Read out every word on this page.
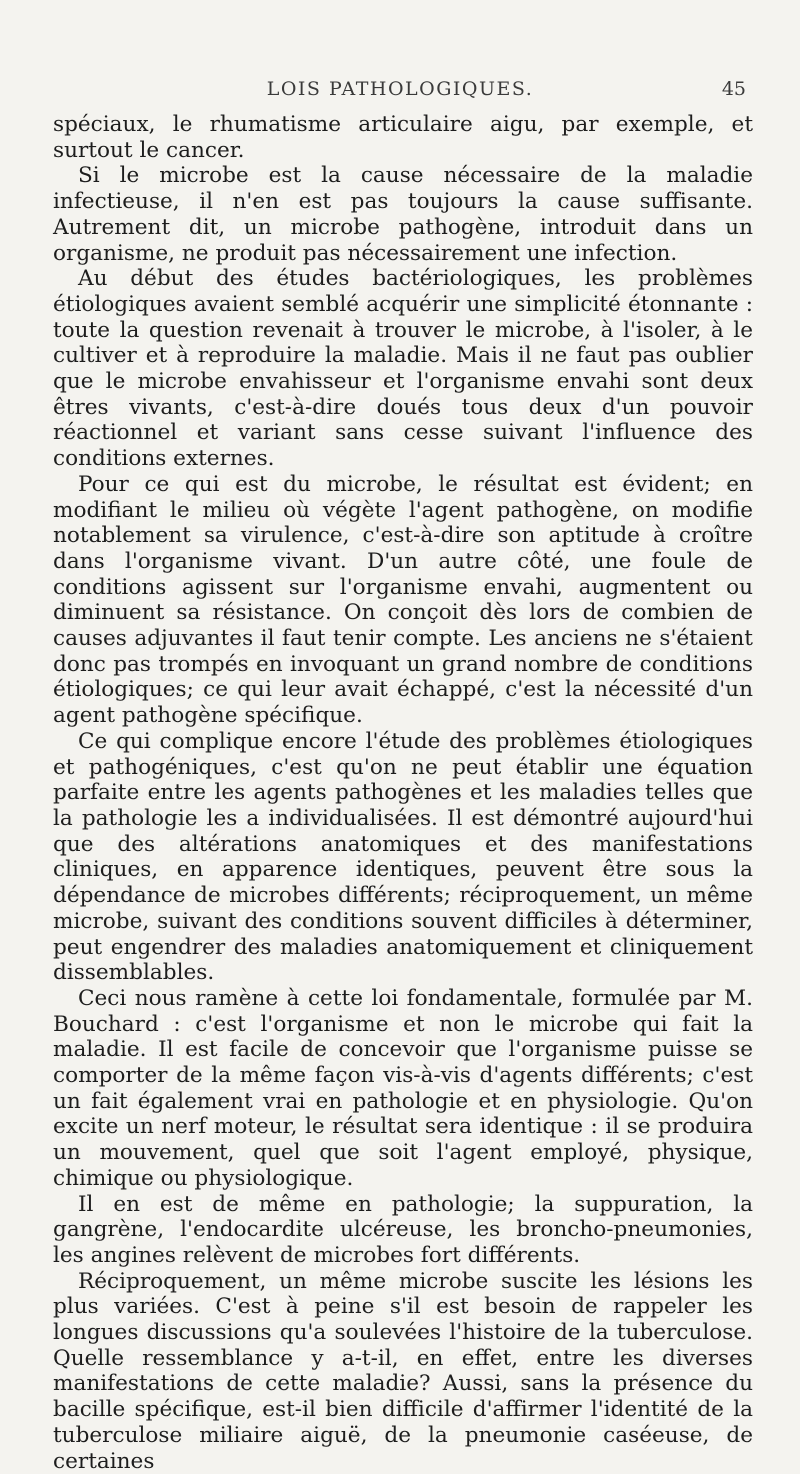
LOIS PATHOLOGIQUES.	45

spéciaux, le rhumatisme articulaire aigu, par exemple, et surtout le cancer.

Si le microbe est la cause nécessaire de la maladie infectieuse, il n'en est pas toujours la cause suffisante. Autrement dit, un microbe pathogène, introduit dans un organisme, ne produit pas nécessairement une infection.

Au début des études bactériologiques, les problèmes étiologiques avaient semblé acquérir une simplicité étonnante : toute la question revenait à trouver le microbe, à l'isoler, à le cultiver et à reproduire la maladie. Mais il ne faut pas oublier que le microbe envahisseur et l'organisme envahi sont deux êtres vivants, c'est-à-dire doués tous deux d'un pouvoir réactionnel et variant sans cesse suivant l'influence des conditions externes.

Pour ce qui est du microbe, le résultat est évident; en modifiant le milieu où végète l'agent pathogène, on modifie notablement sa virulence, c'est-à-dire son aptitude à croître dans l'organisme vivant. D'un autre côté, une foule de conditions agissent sur l'organisme envahi, augmentent ou diminuent sa résistance. On conçoit dès lors de combien de causes adjuvantes il faut tenir compte. Les anciens ne s'étaient donc pas trompés en invoquant un grand nombre de conditions étiologiques; ce qui leur avait échappé, c'est la nécessité d'un agent pathogène spécifique.

Ce qui complique encore l'étude des problèmes étiologiques et pathogéniques, c'est qu'on ne peut établir une équation parfaite entre les agents pathogènes et les maladies telles que la pathologie les a individualisées. Il est démontré aujourd'hui que des altérations anatomiques et des manifestations cliniques, en apparence identiques, peuvent être sous la dépendance de microbes différents; réciproquement, un même microbe, suivant des conditions souvent difficiles à déterminer, peut engendrer des maladies anatomiquement et cliniquement dissemblables.

Ceci nous ramène à cette loi fondamentale, formulée par M. Bouchard : c'est l'organisme et non le microbe qui fait la maladie. Il est facile de concevoir que l'organisme puisse se comporter de la même façon vis-à-vis d'agents différents; c'est un fait également vrai en pathologie et en physiologie. Qu'on excite un nerf moteur, le résultat sera identique : il se produira un mouvement, quel que soit l'agent employé, physique, chimique ou physiologique.

Il en est de même en pathologie; la suppuration, la gangrène, l'endocardite ulcéreuse, les broncho-pneumonies, les angines relèvent de microbes fort différents.

Réciproquement, un même microbe suscite les lésions les plus variées. C'est à peine s'il est besoin de rappeler les longues discussions qu'a soulevées l'histoire de la tuberculose. Quelle ressemblance y a-t-il, en effet, entre les diverses manifestations de cette maladie? Aussi, sans la présence du bacille spécifique, est-il bien difficile d'affirmer l'identité de la tuberculose miliaire aiguë, de la pneumonie caséeuse, de certaines
